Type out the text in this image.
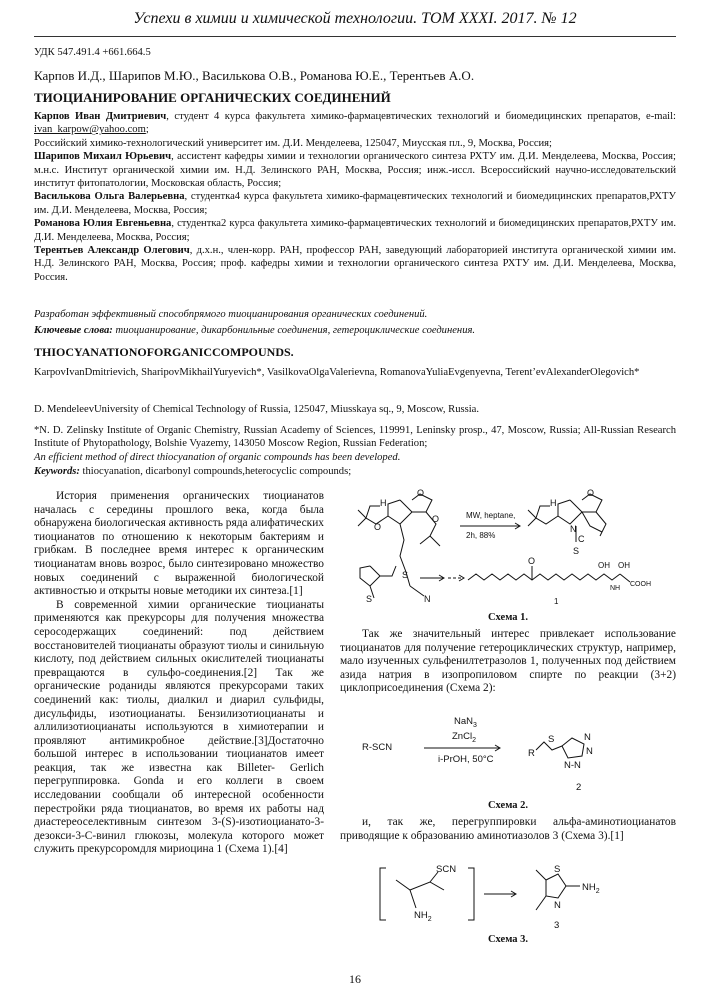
Успехи в химии и химической технологии. ТОМ XXXI. 2017. № 12
УДК 547.491.4 +661.664.5
Карпов И.Д., Шарипов М.Ю., Василькова О.В., Романова Ю.Е., Терентьев А.О.
ТИОЦИАНИРОВАНИЕ ОРГАНИЧЕСКИХ СОЕДИНЕНИЙ

Карпов Иван Дмитриевич, студент 4 курса факультета химико-фармацевтических технологий и биомедицинских препаратов, e-mail: ivan_karpow@yahoo.com;

Российский химико-технологический университет им. Д.И. Менделеева, 125047, Миусская пл., 9, Москва, Россия;

Шарипов Михаил Юрьевич, ассистент кафедры химии и технологии органического синтеза РХТУ им. Д.И. Менделеева, Москва, Россия; м.н.с. Институт органической химии им. Н.Д. Зелинского РАН, Москва, Россия; инж.-иссл. Всероссийский научно-исследовательский институт фитопатологии, Московская область, Россия;

Василькова Ольга Валерьевна, студентка4 курса факультета химико-фармацевтических технологий и биомедицинских препаратов,РХТУ им. Д.И. Менделеева, Москва, Россия;

Романова Юлия Евгеньевна, студентка2 курса факультета химико-фармацевтических технологий и биомедицинских препаратов,РХТУ им. Д.И. Менделеева, Москва, Россия;

Терентьев Александр Олегович, д.х.н., член-корр. РАН, профессор РАН, заведующий лабораторией института органической химии им. Н.Д. Зелинского РАН, Москва, Россия; проф. кафедры химии и технологии органического синтеза РХТУ им. Д.И. Менделеева, Москва, Россия.

Разработан эффективный способпрямого тиоцианирования органических соединений.
Ключевые слова: тиоцианирование, дикарбонильные соединения, гетероциклические соединения.
THIOCYANATIONOFORGANICCOMPOUNDS.
KarpovIvanDmitrievich, SharipovMikhailYuryevich*, VasilkovaOlgaValerievna, RomanovaYuliaEvgenyevna, Terent’evAlexanderOlegovich*
D. MendeleevUniversity of Chemical Technology of Russia, 125047, Miusskaya sq., 9, Moscow, Russia.
*N. D. Zelinsky Institute of Organic Chemistry, Russian Academy of Sciences, 119991, Leninsky prosp., 47, Moscow, Russia; All-Russian Research Institute of Phytopathology, Bolshie Vyazemy, 143050 Moscow Region, Russian Federation;
An efficient method of direct thiocyanation of organic compounds has been developed.
Keywords: thiocyanation, dicarbonyl compounds,heterocyclic compounds;

История применения органических тиоцианатов началась с середины прошлого века, когда была обнаружена биологическая активность ряда алифатических тиоцианатов по отношению к некоторым бактериям и грибкам. В последнее время интерес к органическим тиоцианатам вновь возрос, было синтезировано множество новых соединений с выраженной биологической активностью и открыты новые методики их синтеза.[1]

В современной химии органические тиоцианаты применяются как прекурсоры для получения множества серосодержащих соединений: под действием восстановителей тиоцианаты образуют тиолы и синильную кислоту, под действием сильных окислителей тиоцианаты превращаются в сульфо-соединения.[2] Так же органические роданиды являются прекурсорами таких соединений как: тиолы, диалкил и диарил сульфиды, дисульфиды, изотиоцианаты. Бензилизотиоцианаты и аллилизотиоцианаты используются в химиотерапии и проявляют антимикробное действие.[3]Достаточно большой интерес в использовании тиоцианатов имеет реакция, так же известна как Billeter- Gerlich перегруппировка. Gonda и его коллеги в своем исследовании сообщали об интересной особенности перестройки ряда тиоцианатов, во время их работы над диастереоселективным синтезом 3-(S)-изотиоцианато-3-дезокси-3-С-винил глюкозы, молекула которого может служить прекурсоромдля мириоцина 1 (Схема 1).[4]

H
O
O
O
S
N
MW, heptane,
2h, 88%
H
O
N
C
S
S
O	OH OH
NH
COOH
1
Схема 1.

Так же значительный интерес привлекает использование тиоцианатов для получение гетероциклических структур, например, мало изученных сульфенилтетразолов 1, полученных под действием азида натрия в изопропиловом спирте по реакции (3+2) циклоприсоединения (Схема 2):

NaN$_3$
ZnCl$_2$
i-PrOH, 50°C
R-SCN
R
S	N
N
N-N
2
Схема 2.

и, так же, перегруппировки альфа-аминотиоцианатов приводящие к образованию аминотиазолов 3 (Схема 3).[1]

SCN
$NH_2$
S
N
$NH_2$
3
Схема 3.
16
